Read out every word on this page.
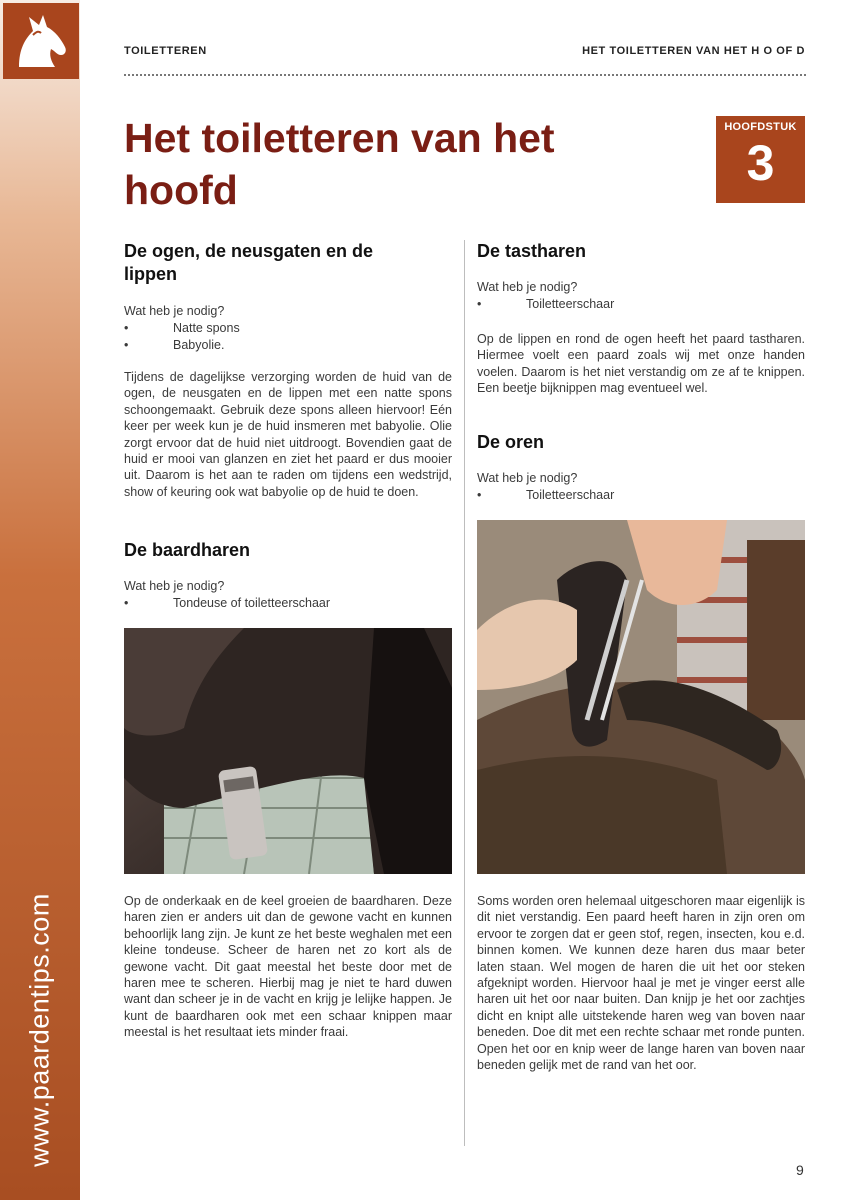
www.paardentips.com
TOILETTEREN	HET TOILETTEREN VAN HET H O OF D
Het toiletteren van het
hoofd
HOOFDSTUK
3
De ogen, de neusgaten en de
lippen
Wat heb je nodig?
•	Natte spons
•	Babyolie.
Tijdens de dagelijkse verzorging worden de huid van de ogen, de neusgaten en de lippen met een natte spons schoongemaakt. Gebruik deze spons alleen hiervoor! Eén keer per week kun je de huid insmeren met babyolie. Olie zorgt ervoor dat de huid niet uitdroogt. Bovendien gaat de huid er mooi van glanzen en ziet het paard er dus mooier uit. Daarom is het aan te raden om tijdens een wedstrijd, show of keuring ook wat babyolie op de huid te doen.
De baardharen
Wat heb je nodig?
•	Tondeuse of toiletteerschaar
Op de onderkaak en de keel groeien de baardharen. Deze haren zien er anders uit dan de gewone vacht en kunnen behoorlijk lang zijn. Je kunt ze het beste weghalen met een kleine tondeuse. Scheer de haren net zo kort als de gewone vacht. Dit gaat meestal het beste door met de haren mee te scheren. Hierbij mag je niet te hard duwen want dan scheer je in de vacht en krijg je lelijke happen. Je kunt de baardharen ook met een schaar knippen maar meestal is het resultaat iets minder fraai.
De tastharen
Wat heb je nodig?
•	Toiletteerschaar
Op de lippen en rond de ogen heeft het paard tastharen. Hiermee voelt een paard zoals wij met onze handen voelen. Daarom is het niet verstandig om ze af te knippen. Een beetje bijknippen mag eventueel wel.
De oren
Wat heb je nodig?
•	Toiletteerschaar
Soms worden oren helemaal uitgeschoren maar eigenlijk is dit niet verstandig. Een paard heeft haren in zijn oren om ervoor te zorgen dat er geen stof, regen, insecten, kou e.d. binnen komen. We kunnen deze haren dus maar beter laten staan. Wel mogen de haren die uit het oor steken afgeknipt worden. Hiervoor haal je met je vinger eerst alle haren uit het oor naar buiten. Dan knijp je het oor zachtjes dicht en knipt alle uitstekende haren weg van boven naar beneden. Doe dit met een rechte schaar met ronde punten. Open het oor en knip weer de lange haren van boven naar beneden gelijk met de rand van het oor.
9
